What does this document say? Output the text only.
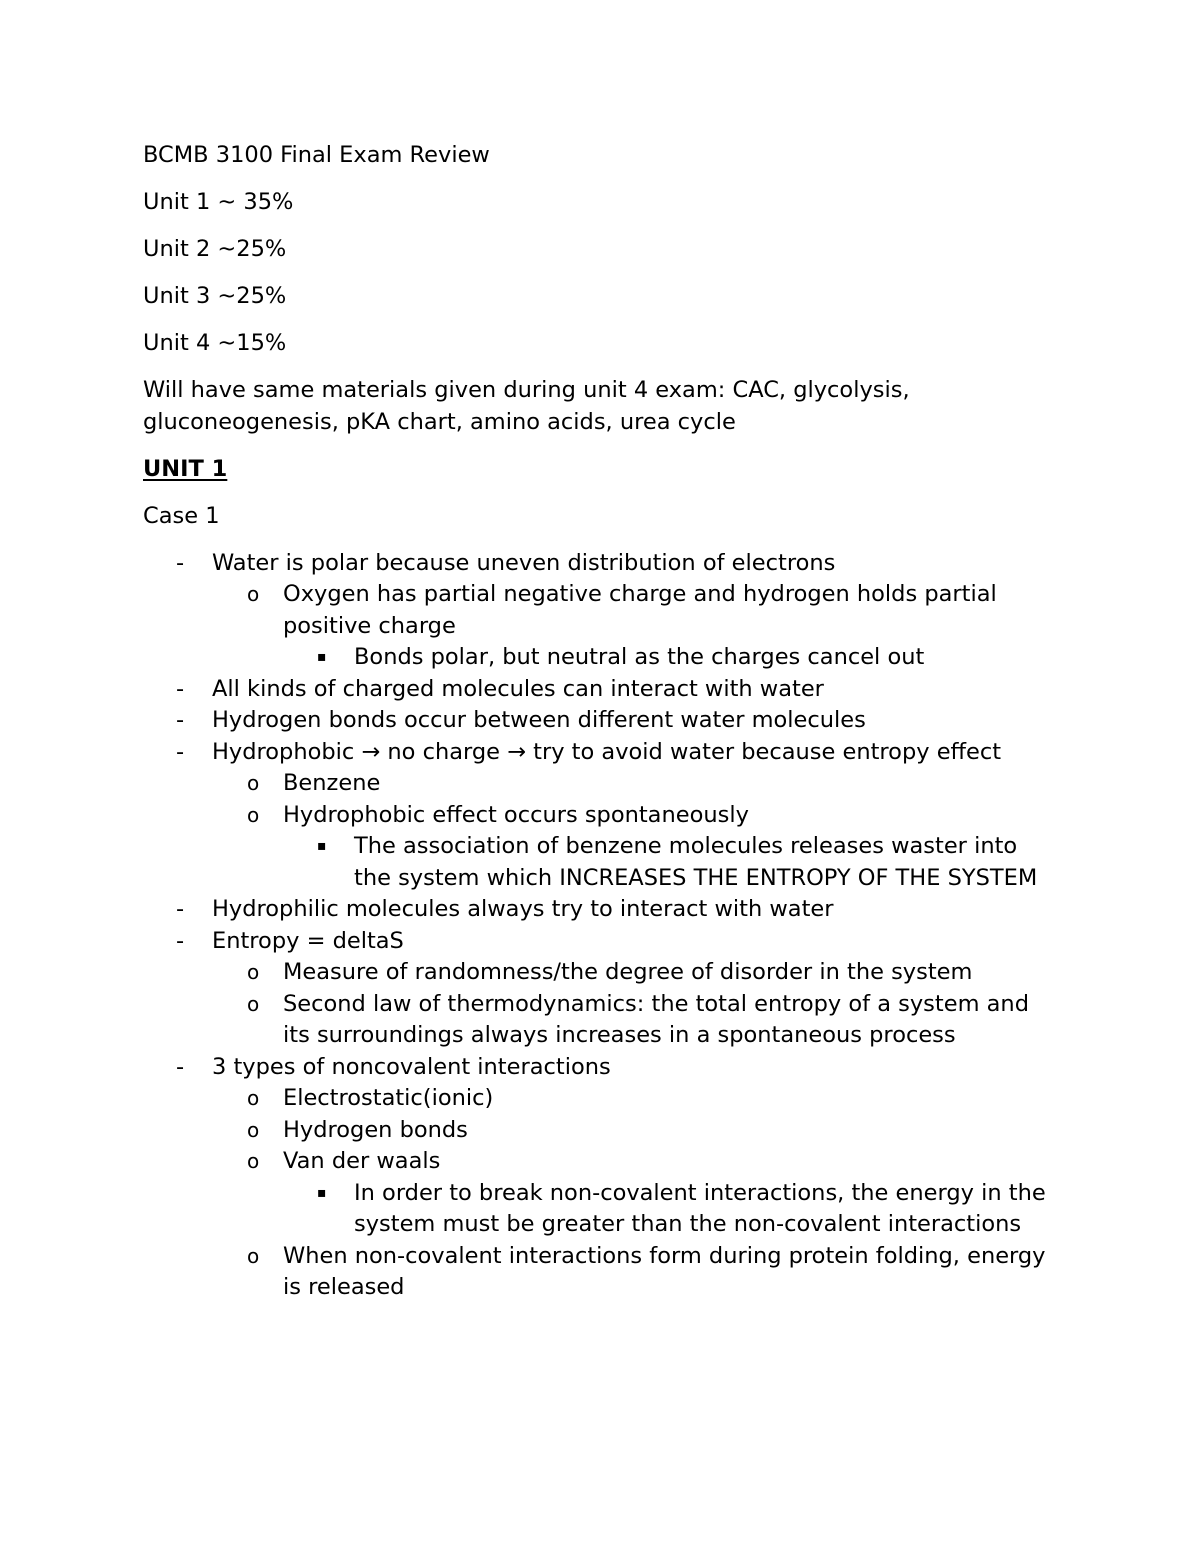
BCMB 3100 Final Exam Review

Unit 1 ~ 35%

Unit 2 ~25%

Unit 3 ~25%

Unit 4 ~15%

Will have same materials given during unit 4 exam: CAC, glycolysis, gluconeogenesis, pKA chart, amino acids, urea cycle

UNIT 1

Case 1

- Water is polar because uneven distribution of electrons
o Oxygen has partial negative charge and hydrogen holds partial positive charge
▪ Bonds polar, but neutral as the charges cancel out
- All kinds of charged molecules can interact with water
- Hydrogen bonds occur between different water molecules
- Hydrophobic → no charge → try to avoid water because entropy effect
o Benzene
o Hydrophobic effect occurs spontaneously
▪ The association of benzene molecules releases waster into the system which INCREASES THE ENTROPY OF THE SYSTEM
- Hydrophilic molecules always try to interact with water
- Entropy = deltaS
o Measure of randomness/the degree of disorder in the system
o Second law of thermodynamics: the total entropy of a system and its surroundings always increases in a spontaneous process
- 3 types of noncovalent interactions
o Electrostatic(ionic)
o Hydrogen bonds
o Van der waals
▪ In order to break non-covalent interactions, the energy in the system must be greater than the non-covalent interactions
o When non-covalent interactions form during protein folding, energy is released
